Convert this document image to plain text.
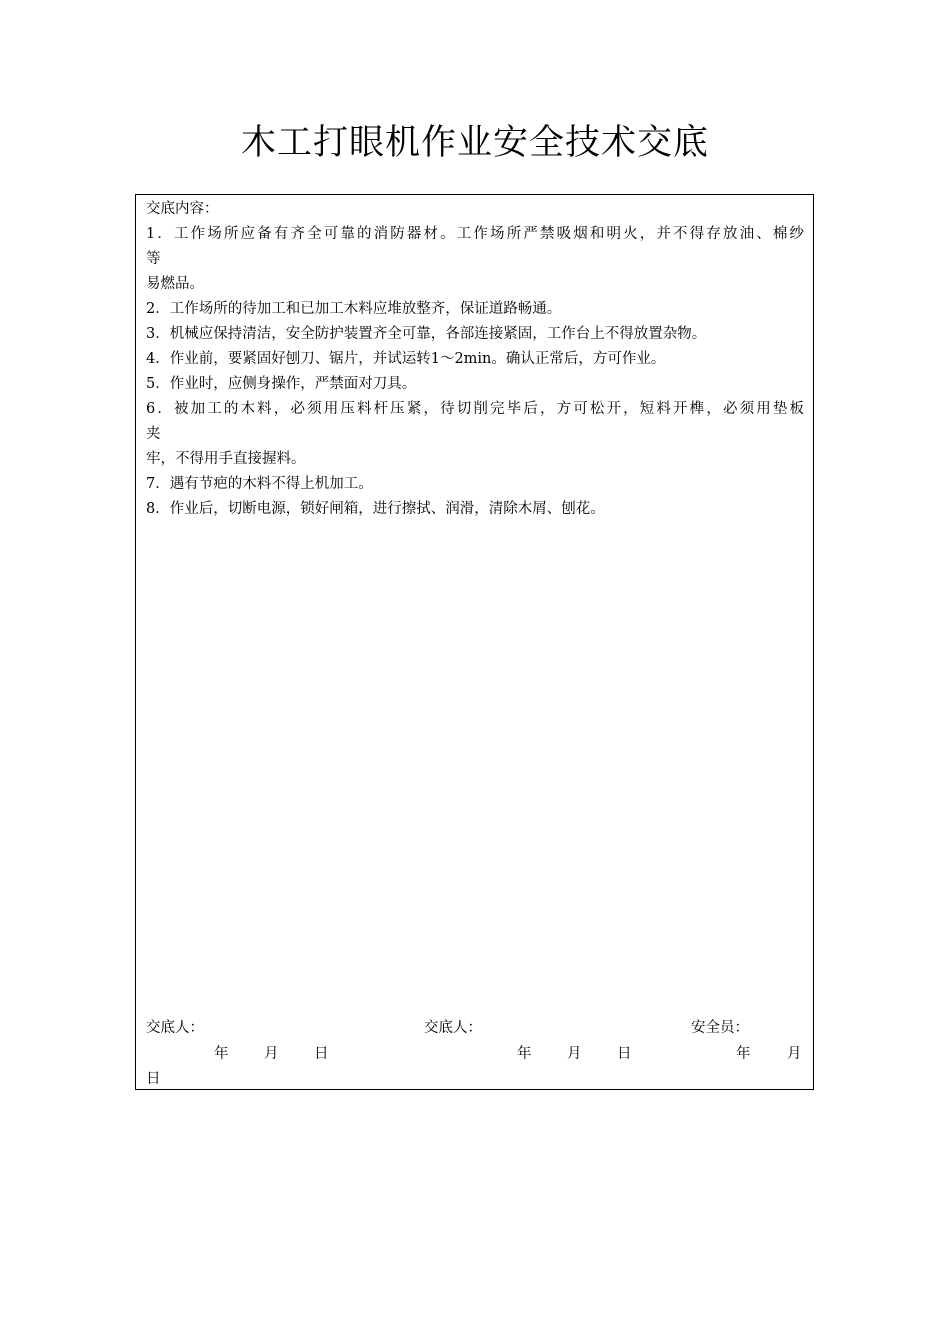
木工打眼机作业安全技术交底
交底内容：
1．工作场所应备有齐全可靠的消防器材。工作场所严禁吸烟和明火，并不得存放油、棉纱
等
易燃品。
2．工作场所的待加工和已加工木料应堆放整齐，保证道路畅通。
3．机械应保持清洁，安全防护装置齐全可靠，各部连接紧固，工作台上不得放置杂物。
4．作业前，要紧固好刨刀、锯片，并试运转1～2min。确认正常后，方可作业。
5．作业时，应侧身操作，严禁面对刀具。
6．被加工的木料，必须用压料杆压紧，待切削完毕后，方可松开，短料开榫，必须用垫板
夹
牢，不得用手直接握料。
7．遇有节疤的木料不得上机加工。
8．作业后，切断电源，锁好闸箱，进行擦拭、润滑，清除木屑、刨花。
交底人：	交底人：	安全员：
年 月 日	年 月 日	年	月
日
